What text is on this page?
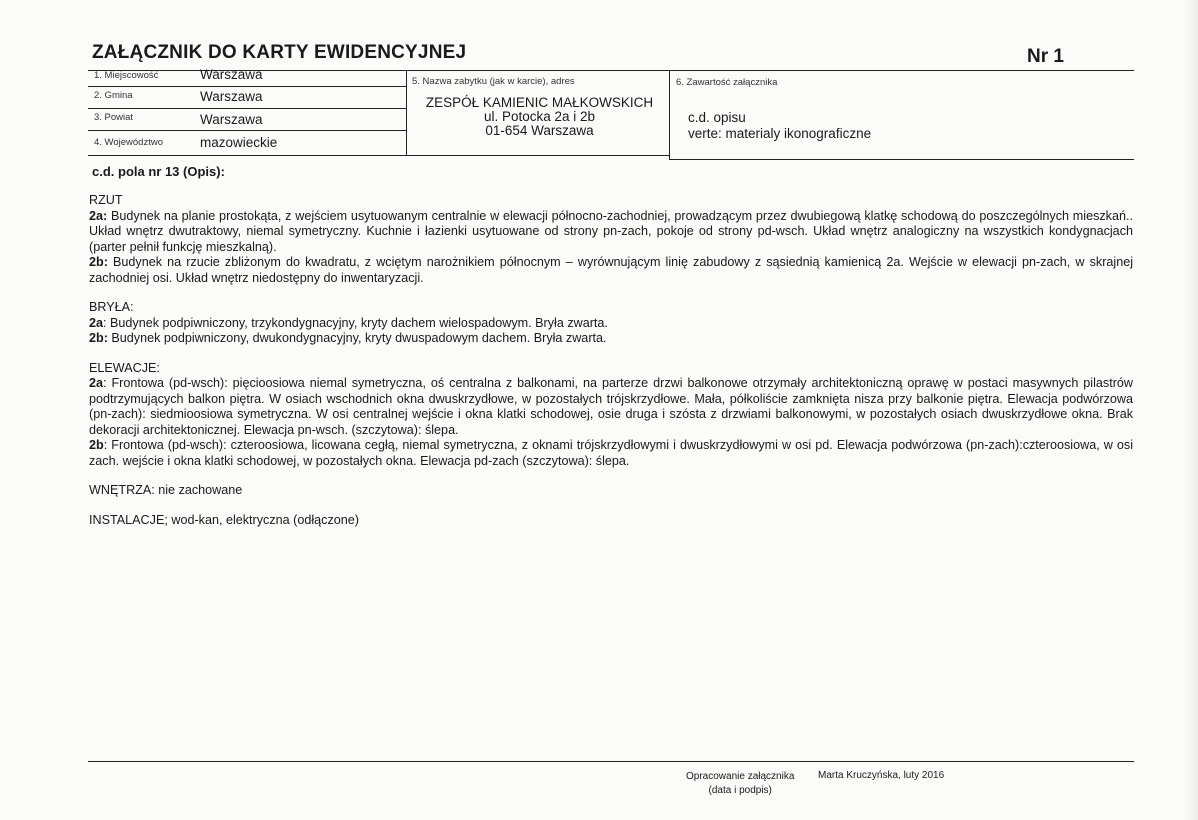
ZAŁĄCZNIK DO KARTY EWIDENCYJNEJ	Nr 1
1. Miejscowość	Warszawa
2. Gmina	Warszawa
3. Powiat	Warszawa
4. Województwo	mazowieckie
5. Nazwa zabytku (jak w karcie), adres
ZESPÓŁ KAMIENIC MAŁKOWSKICH
ul. Potocka 2a i 2b
01-654 Warszawa
6. Zawartość załącznika
c.d. opisu
verte: materialy ikonograficzne
c.d. pola nr 13 (Opis):

RZUT

2a: Budynek na planie prostokąta, z wejściem usytuowanym centralnie w elewacji północno-zachodniej, prowadzącym przez dwubiegową klatkę schodową do poszczególnych mieszkań.. Układ wnętrz dwutraktowy, niemal symetryczny. Kuchnie i łazienki usytuowane od strony pn-zach, pokoje od strony pd-wsch. Układ wnętrz analogiczny na wszystkich kondygnacjach (parter pełnił funkcję mieszkalną).

2b: Budynek na rzucie zbliżonym do kwadratu, z wciętym narożnikiem północnym – wyrównującym linię zabudowy z sąsiednią kamienicą 2a. Wejście w elewacji pn-zach, w skrajnej zachodniej osi. Układ wnętrz niedostępny do inwentaryzacji.

BRYŁA:

2a: Budynek podpiwniczony, trzykondygnacyjny, kryty dachem wielospadowym. Bryła zwarta.

2b: Budynek podpiwniczony, dwukondygnacyjny, kryty dwuspadowym dachem. Bryła zwarta.

ELEWACJE:

2a: Frontowa (pd-wsch): pięcioosiowa niemal symetryczna, oś centralna z balkonami, na parterze drzwi balkonowe otrzymały architektoniczną oprawę w postaci masywnych pilastrów podtrzymujących balkon piętra. W osiach wschodnich okna dwuskrzydłowe, w pozostałych trójskrzydłowe. Mała, półkoliście zamknięta nisza przy balkonie piętra. Elewacja podwórzowa (pn-zach): siedmioosiowa symetryczna. W osi centralnej wejście i okna klatki schodowej, osie druga i szósta z drzwiami balkonowymi, w pozostałych osiach dwuskrzydłowe okna. Brak dekoracji architektonicznej. Elewacja pn-wsch. (szczytowa): ślepa.

2b: Frontowa (pd-wsch): czteroosiowa, licowana cegłą, niemal symetryczna, z oknami trójskrzydłowymi i dwuskrzydłowymi w osi pd. Elewacja podwórzowa (pn-zach):czteroosiowa, w osi zach. wejście i okna klatki schodowej, w pozostałych okna. Elewacja pd-zach (szczytowa): ślepa.

WNĘTRZA: nie zachowane

INSTALACJE; wod-kan, elektryczna (odłączone)

Opracowanie załącznika
(data i podpis)
Marta Kruczyńska, luty 2016
